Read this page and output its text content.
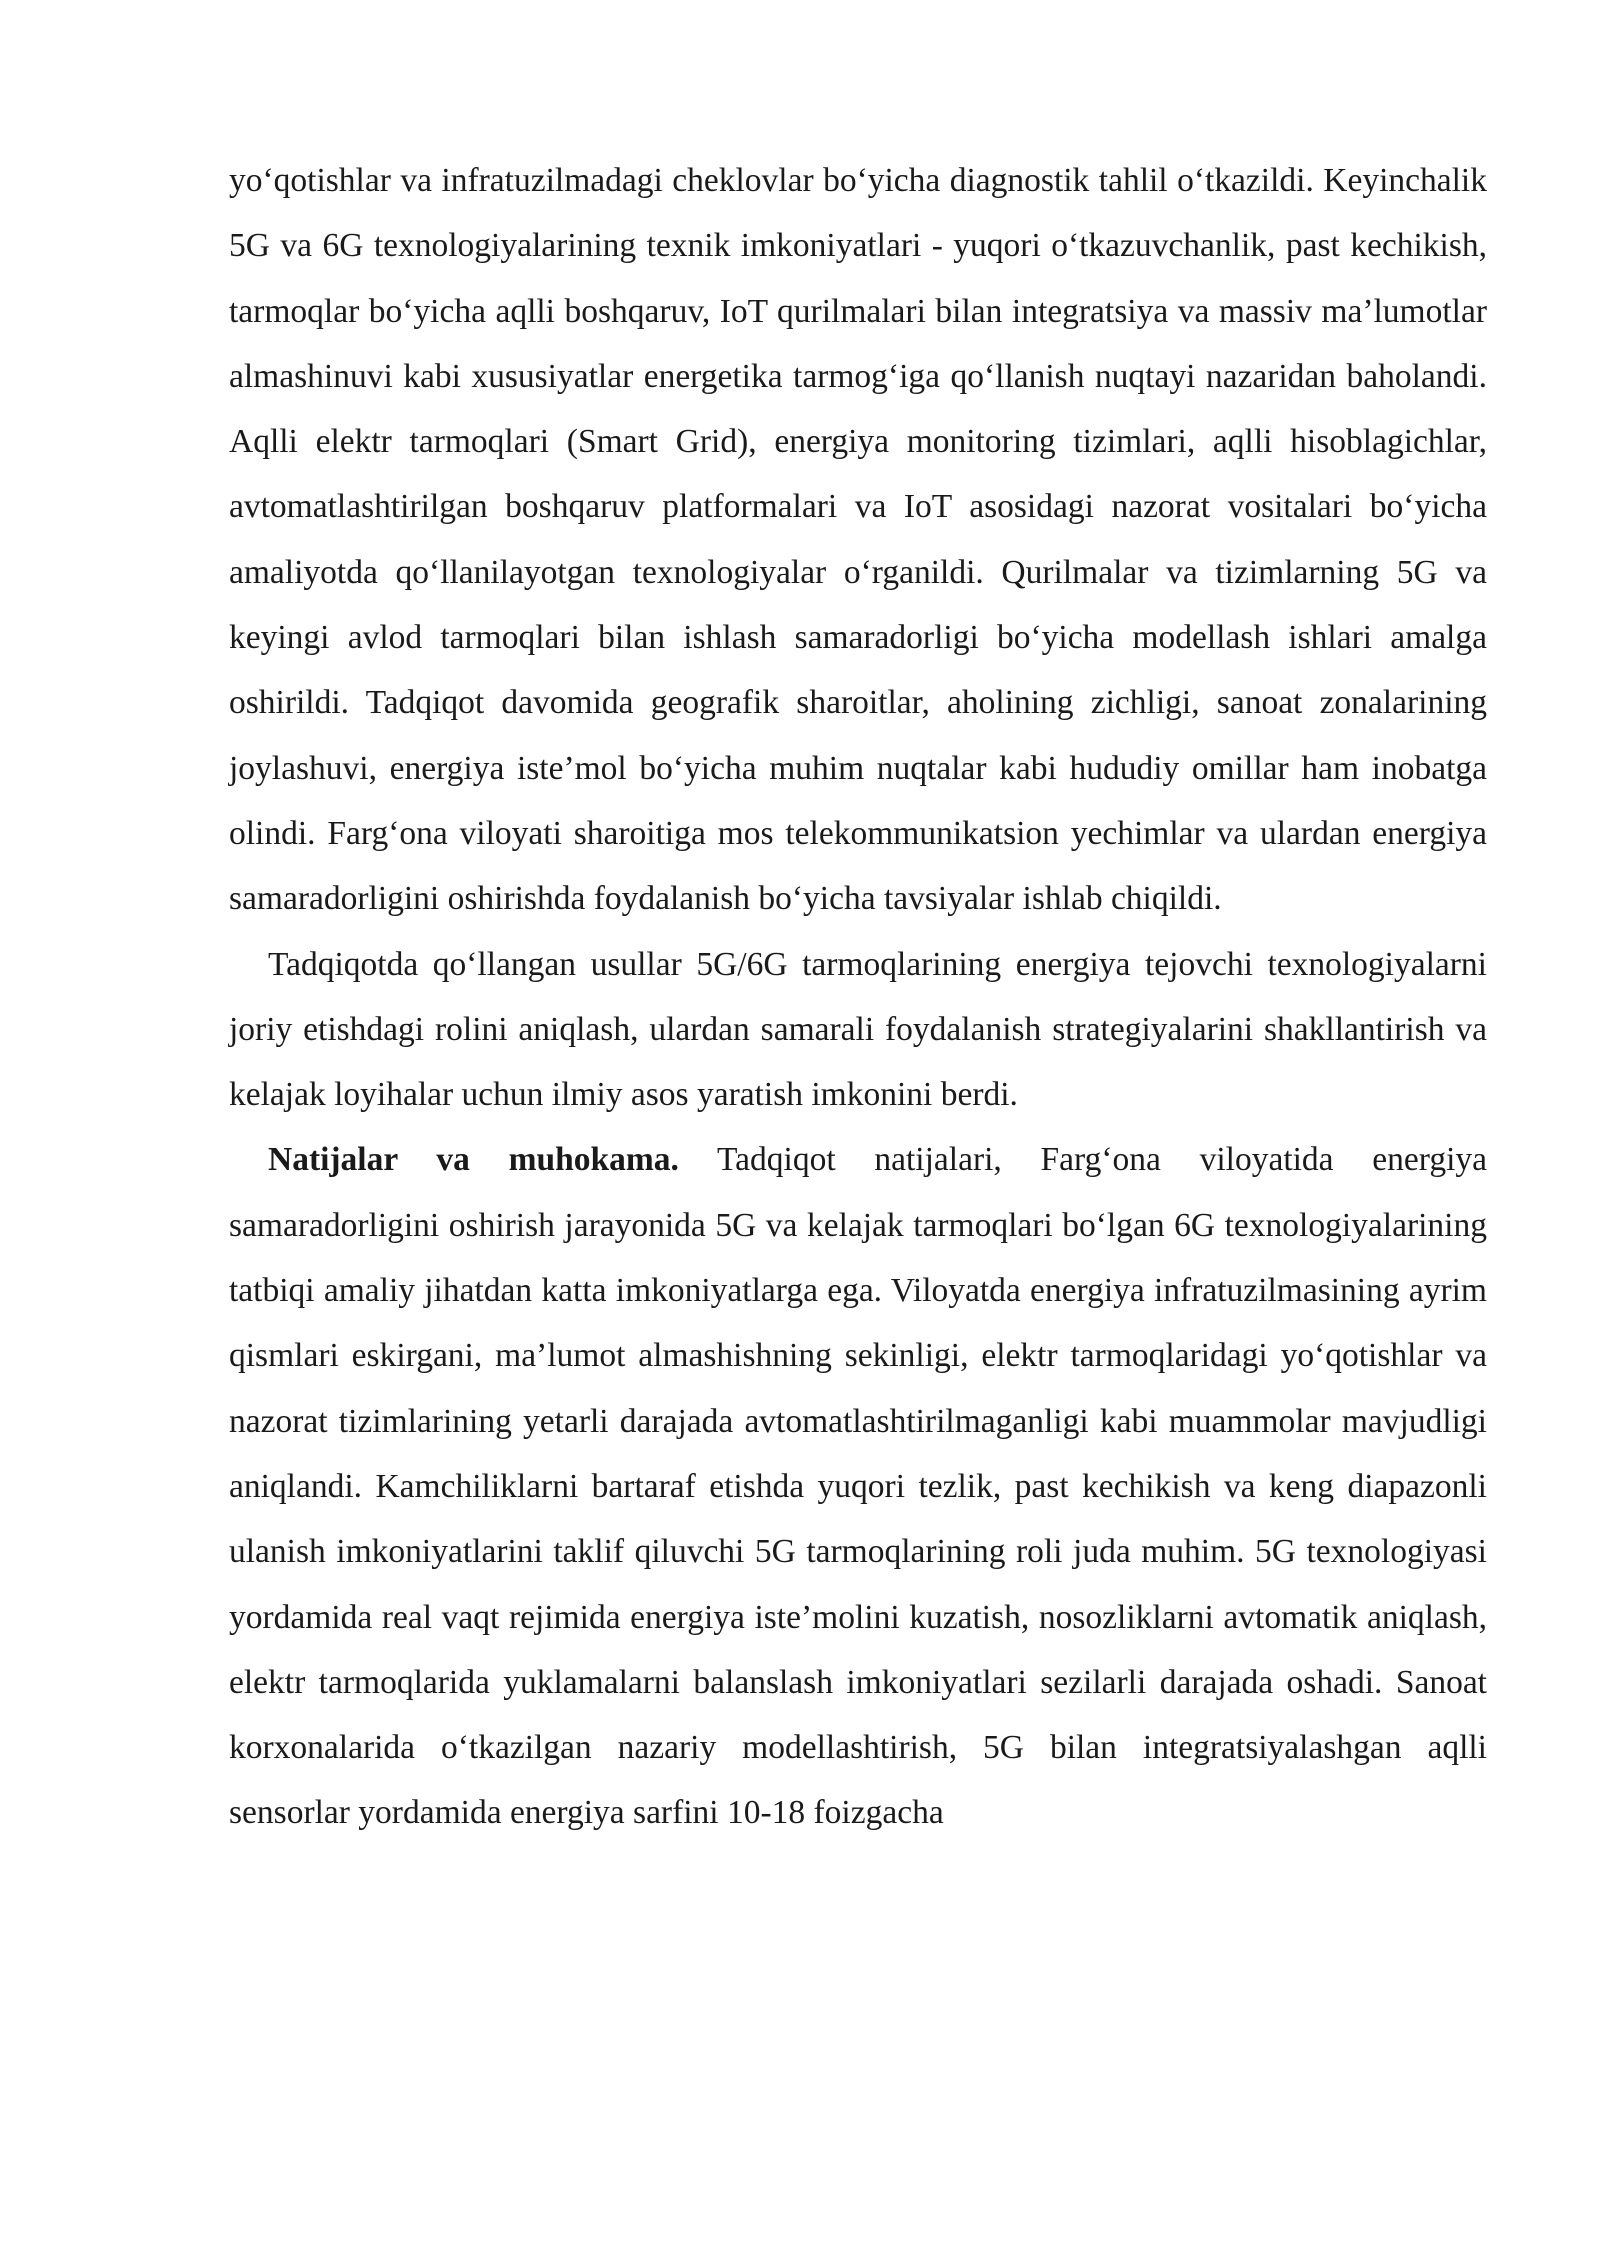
yo‘qotishlar va infratuzilmadagi cheklovlar bo‘yicha diagnostik tahlil o‘tkazildi. Keyinchalik 5G va 6G texnologiyalarining texnik imkoniyatlari - yuqori o‘tkazuvchanlik, past kechikish, tarmoqlar bo‘yicha aqlli boshqaruv, IoT qurilmalari bilan integratsiya va massiv ma’lumotlar almashinuvi kabi xususiyatlar energetika tarmog‘iga qo‘llanish nuqtayi nazaridan baholandi. Aqlli elektr tarmoqlari (Smart Grid), energiya monitoring tizimlari, aqlli hisoblagichlar, avtomatlashtirilgan boshqaruv platformalari va IoT asosidagi nazorat vositalari bo‘yicha amaliyotda qo‘llanilayotgan texnologiyalar o‘rganildi. Qurilmalar va tizimlarning 5G va keyingi avlod tarmoqlari bilan ishlash samaradorligi bo‘yicha modellash ishlari amalga oshirildi. Tadqiqot davomida geografik sharoitlar, aholining zichligi, sanoat zonalarining joylashuvi, energiya iste’mol bo‘yicha muhim nuqtalar kabi hududiy omillar ham inobatga olindi. Farg‘ona viloyati sharoitiga mos telekommunikatsion yechimlar va ulardan energiya samaradorligini oshirishda foydalanish bo‘yicha tavsiyalar ishlab chiqildi.

Tadqiqotda qo‘llangan usullar 5G/6G tarmoqlarining energiya tejovchi texnologiyalarni joriy etishdagi rolini aniqlash, ulardan samarali foydalanish strategiyalarini shakllantirish va kelajak loyihalar uchun ilmiy asos yaratish imkonini berdi.

Natijalar va muhokama. Tadqiqot natijalari, Farg‘ona viloyatida energiya samaradorligini oshirish jarayonida 5G va kelajak tarmoqlari bo‘lgan 6G texnologiyalarining tatbiqi amaliy jihatdan katta imkoniyatlarga ega. Viloyatda energiya infratuzilmasining ayrim qismlari eskirgani, ma’lumot almashishning sekinligi, elektr tarmoqlaridagi yo‘qotishlar va nazorat tizimlarining yetarli darajada avtomatlashtirilmaganligi kabi muammolar mavjudligi aniqlandi. Kamchiliklarni bartaraf etishda yuqori tezlik, past kechikish va keng diapazonli ulanish imkoniyatlarini taklif qiluvchi 5G tarmoqlarining roli juda muhim. 5G texnologiyasi yordamida real vaqt rejimida energiya iste’molini kuzatish, nosozliklarni avtomatik aniqlash, elektr tarmoqlarida yuklamalarni balanslash imkoniyatlari sezilarli darajada oshadi. Sanoat korxonalarida o‘tkazilgan nazariy modellashtirish, 5G bilan integratsiyalashgan aqlli sensorlar yordamida energiya sarfini 10-18 foizgacha
